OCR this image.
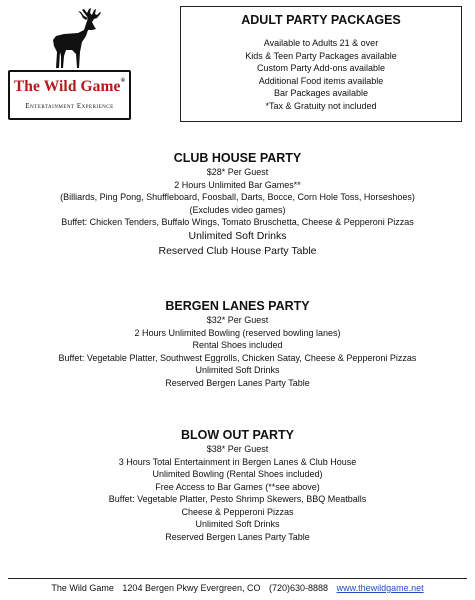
The Wild Game®
Entertainment Experience
ADULT PARTY PACKAGES
Available to Adults 21 & over
Kids & Teen Party Packages available
Custom Party Add-ons available
Additional Food items available
Bar Packages available
*Tax & Gratuity not included
CLUB HOUSE PARTY
$28* Per Guest
2 Hours Unlimited Bar Games**
(Billiards, Ping Pong, Shuffleboard, Foosball, Darts, Bocce, Corn Hole Toss, Horseshoes)
(Excludes video games)
Buffet: Chicken Tenders, Buffalo Wings, Tomato Bruschetta, Cheese & Pepperoni Pizzas
Unlimited Soft Drinks
Reserved Club House Party Table
BERGEN LANES PARTY
$32* Per Guest
2 Hours Unlimited Bowling (reserved bowling lanes)
Rental Shoes included
Buffet: Vegetable Platter, Southwest Eggrolls, Chicken Satay, Cheese & Pepperoni Pizzas
Unlimited Soft Drinks
Reserved Bergen Lanes Party Table
BLOW OUT PARTY
$38* Per Guest
3 Hours Total Entertainment in Bergen Lanes & Club House
Unlimited Bowling (Rental Shoes included)
Free Access to Bar Games (**see above)
Buffet: Vegetable Platter, Pesto Shrimp Skewers, BBQ Meatballs
Cheese & Pepperoni Pizzas
Unlimited Soft Drinks
Reserved Bergen Lanes Party Table
The Wild Game 1204 Bergen Pkwy Evergreen, CO (720)630-8888 www.thewildgame.net
